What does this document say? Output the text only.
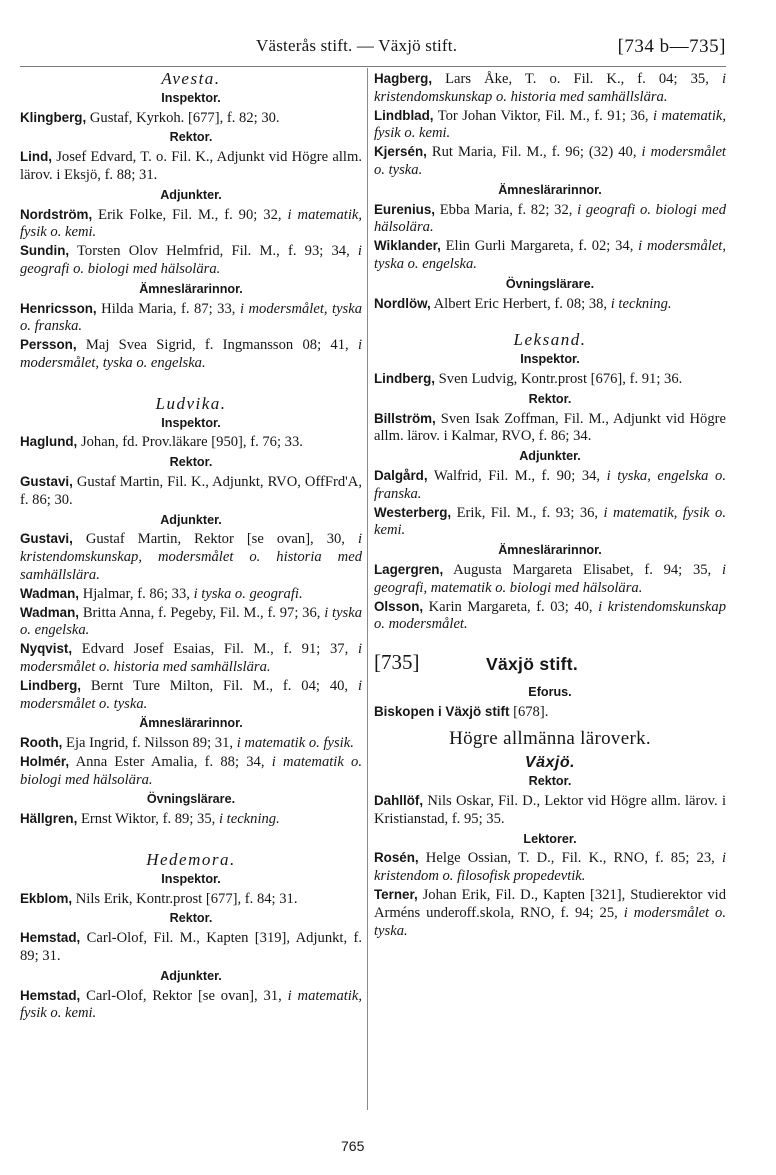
Västerås stift. — Växjö stift.	[734 b—735]

Avesta.

Inspektor.

Klingberg, Gustaf, Kyrkoh. [677], f. 82; 30.

Rektor.

Lind, Josef Edvard, T. o. Fil. K., Adjunkt vid Högre allm. lärov. i Eksjö, f. 88; 31.

Adjunkter.

Nordström, Erik Folke, Fil. M., f. 90; 32, i matematik, fysik o. kemi.

Sundin, Torsten Olov Helmfrid, Fil. M., f. 93; 34, i geografi o. biologi med hälsolära.

Ämneslärarinnor.

Henricsson, Hilda Maria, f. 87; 33, i modersmålet, tyska o. franska.

Persson, Maj Svea Sigrid, f. Ingmansson 08; 41, i modersmålet, tyska o. engelska.

Ludvika.

Inspektor.

Haglund, Johan, fd. Prov.läkare [950], f. 76; 33.

Rektor.

Gustavi, Gustaf Martin, Fil. K., Adjunkt, RVO, OffFrd'A, f. 86; 30.

Adjunkter.

Gustavi, Gustaf Martin, Rektor [se ovan], 30, i kristendomskunskap, modersmålet o. historia med samhällslära.

Wadman, Hjalmar, f. 86; 33, i tyska o. geografi.

Wadman, Britta Anna, f. Pegeby, Fil. M., f. 97; 36, i tyska o. engelska.

Nyqvist, Edvard Josef Esaias, Fil. M., f. 91; 37, i modersmålet o. historia med samhällslära.

Lindberg, Bernt Ture Milton, Fil. M., f. 04; 40, i modersmålet o. tyska.

Ämneslärarinnor.

Rooth, Eja Ingrid, f. Nilsson 89; 31, i matematik o. fysik.

Holmér, Anna Ester Amalia, f. 88; 34, i matematik o. biologi med hälsolära.

Övningslärare.

Hällgren, Ernst Wiktor, f. 89; 35, i teckning.

Hedemora.

Inspektor.

Ekblom, Nils Erik, Kontr.prost [677], f. 84; 31.

Rektor.

Hemstad, Carl-Olof, Fil. M., Kapten [319], Adjunkt, f. 89; 31.

Adjunkter.

Hemstad, Carl-Olof, Rektor [se ovan], 31, i matematik, fysik o. kemi.

Hagberg, Lars Åke, T. o. Fil. K., f. 04; 35, i kristendomskunskap o. historia med samhällslära.

Lindblad, Tor Johan Viktor, Fil. M., f. 91; 36, i matematik, fysik o. kemi.

Kjersén, Rut Maria, Fil. M., f. 96; (32) 40, i modersmålet o. tyska.

Ämneslärarinnor.

Eurenius, Ebba Maria, f. 82; 32, i geografi o. biologi med hälsolära.

Wiklander, Elin Gurli Margareta, f. 02; 34, i modersmålet, tyska o. engelska.

Övningslärare.

Nordlöw, Albert Eric Herbert, f. 08; 38, i teckning.

Leksand.

Inspektor.

Lindberg, Sven Ludvig, Kontr.prost [676], f. 91; 36.

Rektor.

Billström, Sven Isak Zoffman, Fil. M., Adjunkt vid Högre allm. lärov. i Kalmar, RVO, f. 86; 34.

Adjunkter.

Dalgård, Walfrid, Fil. M., f. 90; 34, i tyska, engelska o. franska.

Westerberg, Erik, Fil. M., f. 93; 36, i matematik, fysik o. kemi.

Ämneslärarinnor.

Lagergren, Augusta Margareta Elisabet, f. 94; 35, i geografi, matematik o. biologi med hälsolära.

Olsson, Karin Margareta, f. 03; 40, i kristendomskunskap o. modersmålet.

[735]	Växjö stift.

Eforus.

Biskopen i Växjö stift [678].

Högre allmänna läroverk.

Växjö.

Rektor.

Dahllöf, Nils Oskar, Fil. D., Lektor vid Högre allm. lärov. i Kristianstad, f. 95; 35.

Lektorer.

Rosén, Helge Ossian, T. D., Fil. K., RNO, f. 85; 23, i kristendom o. filosofisk propedevtik.

Terner, Johan Erik, Fil. D., Kapten [321], Studierektor vid Arméns underoff.skola, RNO, f. 94; 25, i modersmålet o. tyska.

765
